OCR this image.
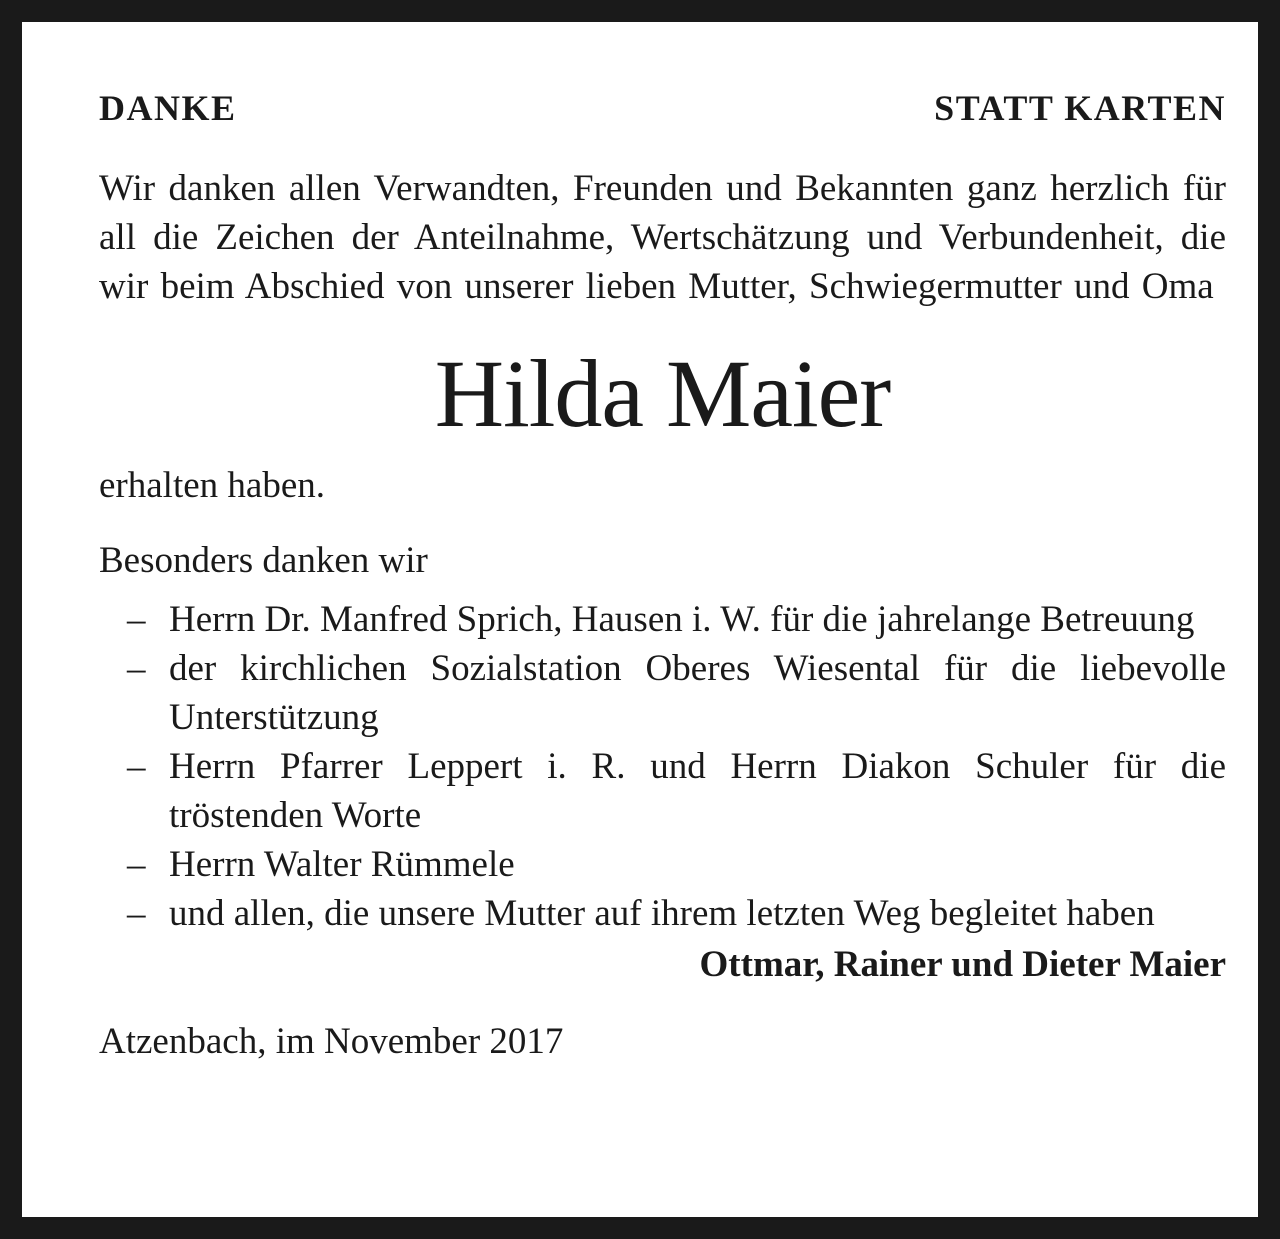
DANKE	STATT KARTEN
Wir danken allen Verwandten, Freunden und Bekannten ganz herzlich für all die Zeichen der Anteilnahme, Wertschätzung und Verbundenheit, die wir beim Abschied von unserer lieben Mutter, Schwiegermutter und Oma
Hilda Maier
erhalten haben.
Besonders danken wir
– Herrn Dr. Manfred Sprich, Hausen i. W. für die jahrelange Betreuung
– der kirchlichen Sozialstation Oberes Wiesental für die liebevolle Unterstützung
– Herrn Pfarrer Leppert i. R. und Herrn Diakon Schuler für die tröstenden Worte
– Herrn Walter Rümmele
– und allen, die unsere Mutter auf ihrem letzten Weg begleitet haben
Ottmar, Rainer und Dieter Maier
Atzenbach, im November 2017
